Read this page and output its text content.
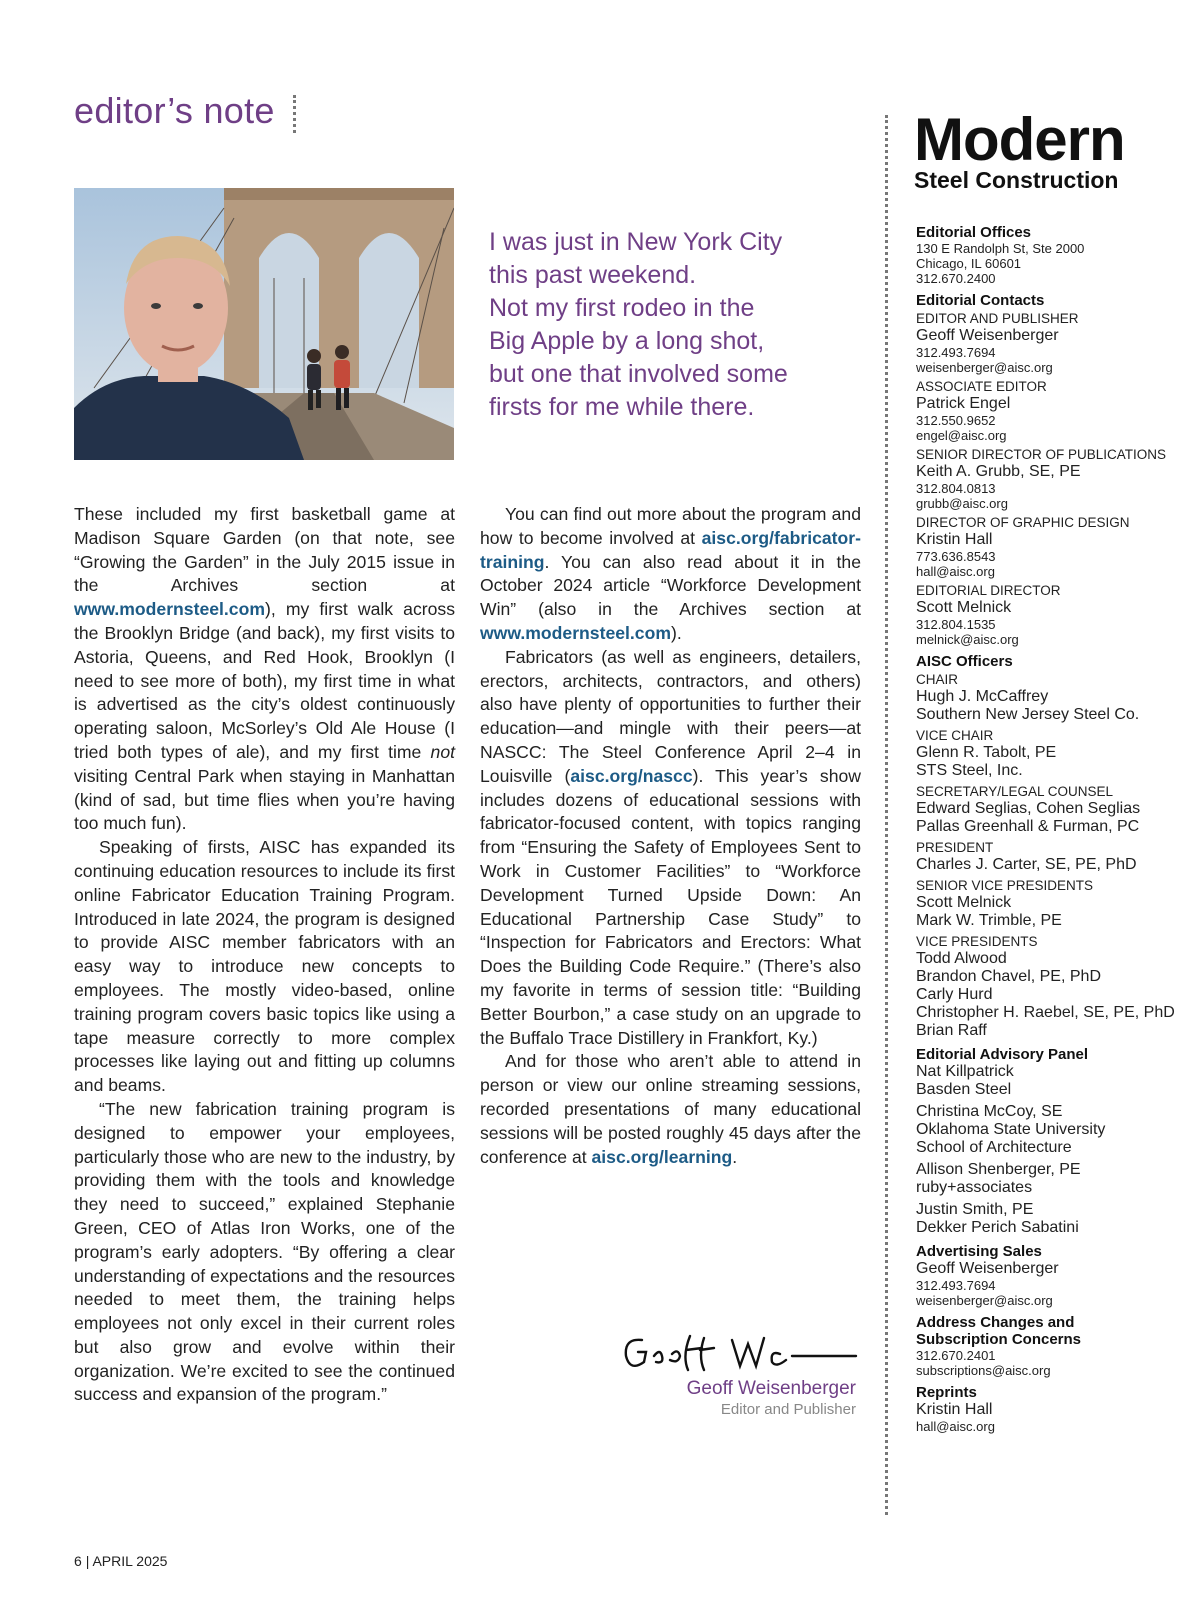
editor’s note
I was just in New York City
this past weekend.
Not my first rodeo in the
Big Apple by a long shot,
but one that involved some
firsts for me while there.

These included my first basketball game at Madison Square Garden (on that note, see “Growing the Garden” in the July 2015 issue in the Archives section at www.modernsteel.com), my first walk across the Brooklyn Bridge (and back), my first visits to Astoria, Queens, and Red Hook, Brooklyn (I need to see more of both), my first time in what is advertised as the city’s oldest continuously operating saloon, McSorley’s Old Ale House (I tried both types of ale), and my first time not visiting Central Park when staying in Manhattan (kind of sad, but time flies when you’re having too much fun).

Speaking of firsts, AISC has expanded its continuing education resources to include its first online Fabricator Education Training Program. Introduced in late 2024, the program is designed to provide AISC member fabricators with an easy way to introduce new concepts to employees. The mostly video-based, online training program covers basic topics like using a tape measure correctly to more complex processes like laying out and fitting up columns and beams.

“The new fabrication training program is designed to empower your employees, particularly those who are new to the industry, by providing them with the tools and knowledge they need to succeed,” explained Stephanie Green, CEO of Atlas Iron Works, one of the program’s early adopters. “By offering a clear understanding of expectations and the resources needed to meet them, the training helps employees not only excel in their current roles but also grow and evolve within their organization. We’re excited to see the continued success and expansion of the program.”

You can find out more about the program and how to become involved at aisc.org/fabricator-training. You can also read about it in the October 2024 article “Workforce Development Win” (also in the Archives section at www.modernsteel.com).

Fabricators (as well as engineers, detailers, erectors, architects, contractors, and others) also have plenty of opportunities to further their education—and mingle with their peers—at NASCC: The Steel Conference April 2–4 in Louisville (aisc.org/nascc). This year’s show includes dozens of educational sessions with fabricator-focused content, with topics ranging from “Ensuring the Safety of Employees Sent to Work in Customer Facilities” to “Workforce Development Turned Upside Down: An Educational Partnership Case Study” to “Inspection for Fabricators and Erectors: What Does the Building Code Require.” (There’s also my favorite in terms of session title: “Building Better Bourbon,” a case study on an upgrade to the Buffalo Trace Distillery in Frankfort, Ky.)

And for those who aren’t able to attend in person or view our online streaming sessions, recorded presentations of many educational sessions will be posted roughly 45 days after the conference at aisc.org/learning.

Geoff Weisenberger
Editor and Publisher
6 | APRIL 2025
Modern
Steel Construction
Editorial Offices
130 E Randolph St, Ste 2000
Chicago, IL 60601
312.670.2400
Editorial Contacts
EDITOR AND PUBLISHER
Geoff Weisenberger
312.493.7694
weisenberger@aisc.org
ASSOCIATE EDITOR
Patrick Engel
312.550.9652
engel@aisc.org
SENIOR DIRECTOR OF PUBLICATIONS
Keith A. Grubb, SE, PE
312.804.0813
grubb@aisc.org
DIRECTOR OF GRAPHIC DESIGN
Kristin Hall
773.636.8543
hall@aisc.org
EDITORIAL DIRECTOR
Scott Melnick
312.804.1535
melnick@aisc.org
AISC Officers
CHAIR
Hugh J. McCaffrey
Southern New Jersey Steel Co.
VICE CHAIR
Glenn R. Tabolt, PE
STS Steel, Inc.
SECRETARY/LEGAL COUNSEL
Edward Seglias, Cohen Seglias
Pallas Greenhall & Furman, PC
PRESIDENT
Charles J. Carter, SE, PE, PhD
SENIOR VICE PRESIDENTS
Scott Melnick
Mark W. Trimble, PE
VICE PRESIDENTS
Todd Alwood
Brandon Chavel, PE, PhD
Carly Hurd
Christopher H. Raebel, SE, PE, PhD
Brian Raff
Editorial Advisory Panel
Nat Killpatrick
Basden Steel
Christina McCoy, SE
Oklahoma State University
School of Architecture
Allison Shenberger, PE
ruby+associates
Justin Smith, PE
Dekker Perich Sabatini
Advertising Sales
Geoff Weisenberger
312.493.7694
weisenberger@aisc.org
Address Changes and
Subscription Concerns
312.670.2401
subscriptions@aisc.org
Reprints
Kristin Hall
hall@aisc.org
